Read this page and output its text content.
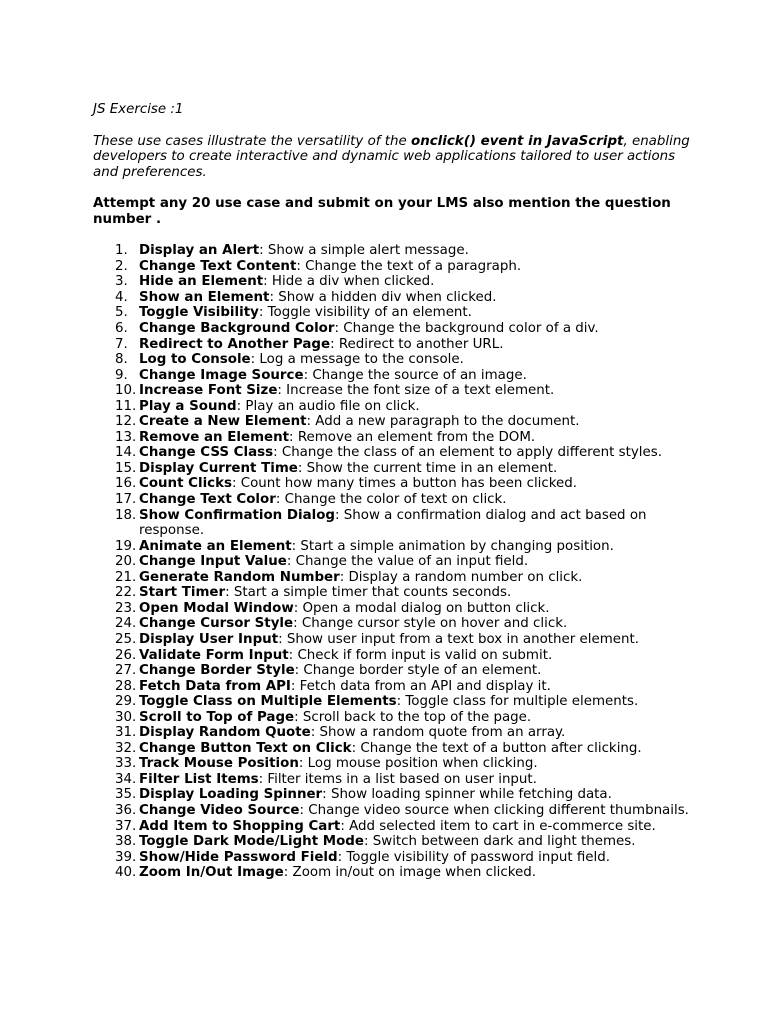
JS Exercise :1

These use cases illustrate the versatility of the onclick() event in JavaScript, enabling developers to create interactive and dynamic web applications tailored to user actions and preferences.

Attempt any 20 use case and submit on your LMS also mention the question number .

1. Display an Alert: Show a simple alert message.
2. Change Text Content: Change the text of a paragraph.
3. Hide an Element: Hide a div when clicked.
4. Show an Element: Show a hidden div when clicked.
5. Toggle Visibility: Toggle visibility of an element.
6. Change Background Color: Change the background color of a div.
7. Redirect to Another Page: Redirect to another URL.
8. Log to Console: Log a message to the console.
9. Change Image Source: Change the source of an image.
10. Increase Font Size: Increase the font size of a text element.
11. Play a Sound: Play an audio file on click.
12. Create a New Element: Add a new paragraph to the document.
13. Remove an Element: Remove an element from the DOM.
14. Change CSS Class: Change the class of an element to apply different styles.
15. Display Current Time: Show the current time in an element.
16. Count Clicks: Count how many times a button has been clicked.
17. Change Text Color: Change the color of text on click.
18. Show Confirmation Dialog: Show a confirmation dialog and act based on response.
19. Animate an Element: Start a simple animation by changing position.
20. Change Input Value: Change the value of an input field.
21. Generate Random Number: Display a random number on click.
22. Start Timer: Start a simple timer that counts seconds.
23. Open Modal Window: Open a modal dialog on button click.
24. Change Cursor Style: Change cursor style on hover and click.
25. Display User Input: Show user input from a text box in another element.
26. Validate Form Input: Check if form input is valid on submit.
27. Change Border Style: Change border style of an element.
28. Fetch Data from API: Fetch data from an API and display it.
29. Toggle Class on Multiple Elements: Toggle class for multiple elements.
30. Scroll to Top of Page: Scroll back to the top of the page.
31. Display Random Quote: Show a random quote from an array.
32. Change Button Text on Click: Change the text of a button after clicking.
33. Track Mouse Position: Log mouse position when clicking.
34. Filter List Items: Filter items in a list based on user input.
35. Display Loading Spinner: Show loading spinner while fetching data.
36. Change Video Source: Change video source when clicking different thumbnails.
37. Add Item to Shopping Cart: Add selected item to cart in e-commerce site.
38. Toggle Dark Mode/Light Mode: Switch between dark and light themes.
39. Show/Hide Password Field: Toggle visibility of password input field.
40. Zoom In/Out Image: Zoom in/out on image when clicked.
